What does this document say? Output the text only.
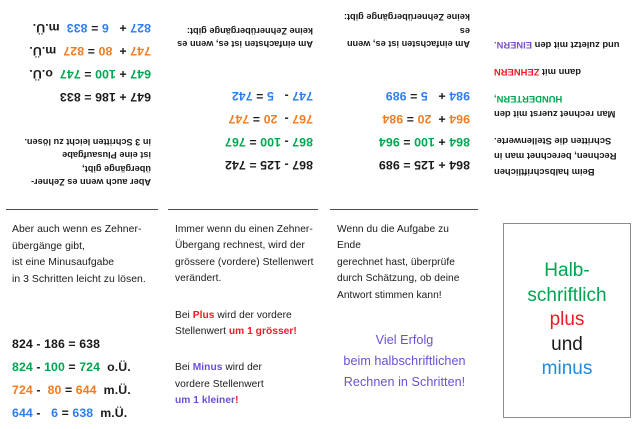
Aber auch wenn es Zehner-
übergänge gibt,
ist eine Plusaufgabe
in 3 Schritten leicht zu lösen.
647 + 186 = 833
647 + 100 = 747  o.Ü.
747 +  80 = 827  m.Ü.
827 +   6 = 833  m.Ü.
Aber auch wenn es Zehner-
übergänge gibt,
ist eine Minusaufgabe
in 3 Schritten leicht zu lösen.
824 - 186 = 638
824 - 100 = 724  o.Ü.
724 -  80 = 644  m.Ü.
644 -   6 = 638  m.Ü.
867 - 125 = 742
867 - 100 = 767
767 -  20 = 747
747 -   5 = 742
Am einfachsten ist es, wenn es
keine Zehnerübergänge gibt:
Immer wenn du einen Zehner-
Übergang rechnest, wird der
grössere (vordere) Stellenwert
verändert.
Bei Plus wird der vordere
Stellenwert um 1 grösser!
Bei Minus wird der
vordere Stellenwert
um 1 kleiner!
864 + 125 = 989
864 + 100 = 964
964 +  20 = 984
984 +   5 = 989
Am einfachsten ist es, wenn es
keine Zehnerübergänge gibt:
Wenn du die Aufgabe zu Ende
gerechnet hast, überprüfe
durch Schätzung, ob deine
Antwort stimmen kann!
Viel Erfolg
beim halbschriftlichen
Rechnen in Schritten!
Beim halbschriftlichen
Rechnen, berechnet man in
Schritten die Stellenwerte.
Man rechnet zuerst mit den
HUNDERTERN,
dann mit ZEHNERN
und zuletzt mit den EINERN.
Halb-
schriftlich
plus
und
minus
